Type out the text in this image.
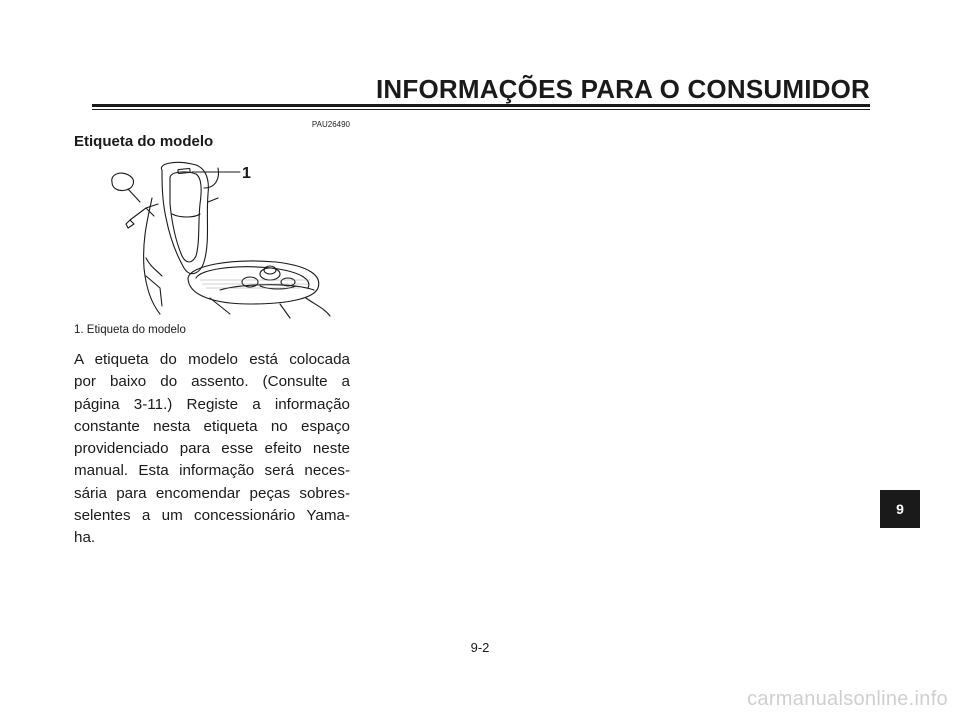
INFORMAÇÕES PARA O CONSUMIDOR
PAU26490
Etiqueta do modelo
1
1. Etiqueta do modelo
A etiqueta do modelo está colocada
por baixo do assento. (Consulte a
página 3-11.) Registe a informação
constante nesta etiqueta no espaço
providenciado para esse efeito neste
manual. Esta informação será neces-
sária para encomendar peças sobres-
selentes a um concessionário Yama-
ha.
9
9-2
carmanualsonline.info
